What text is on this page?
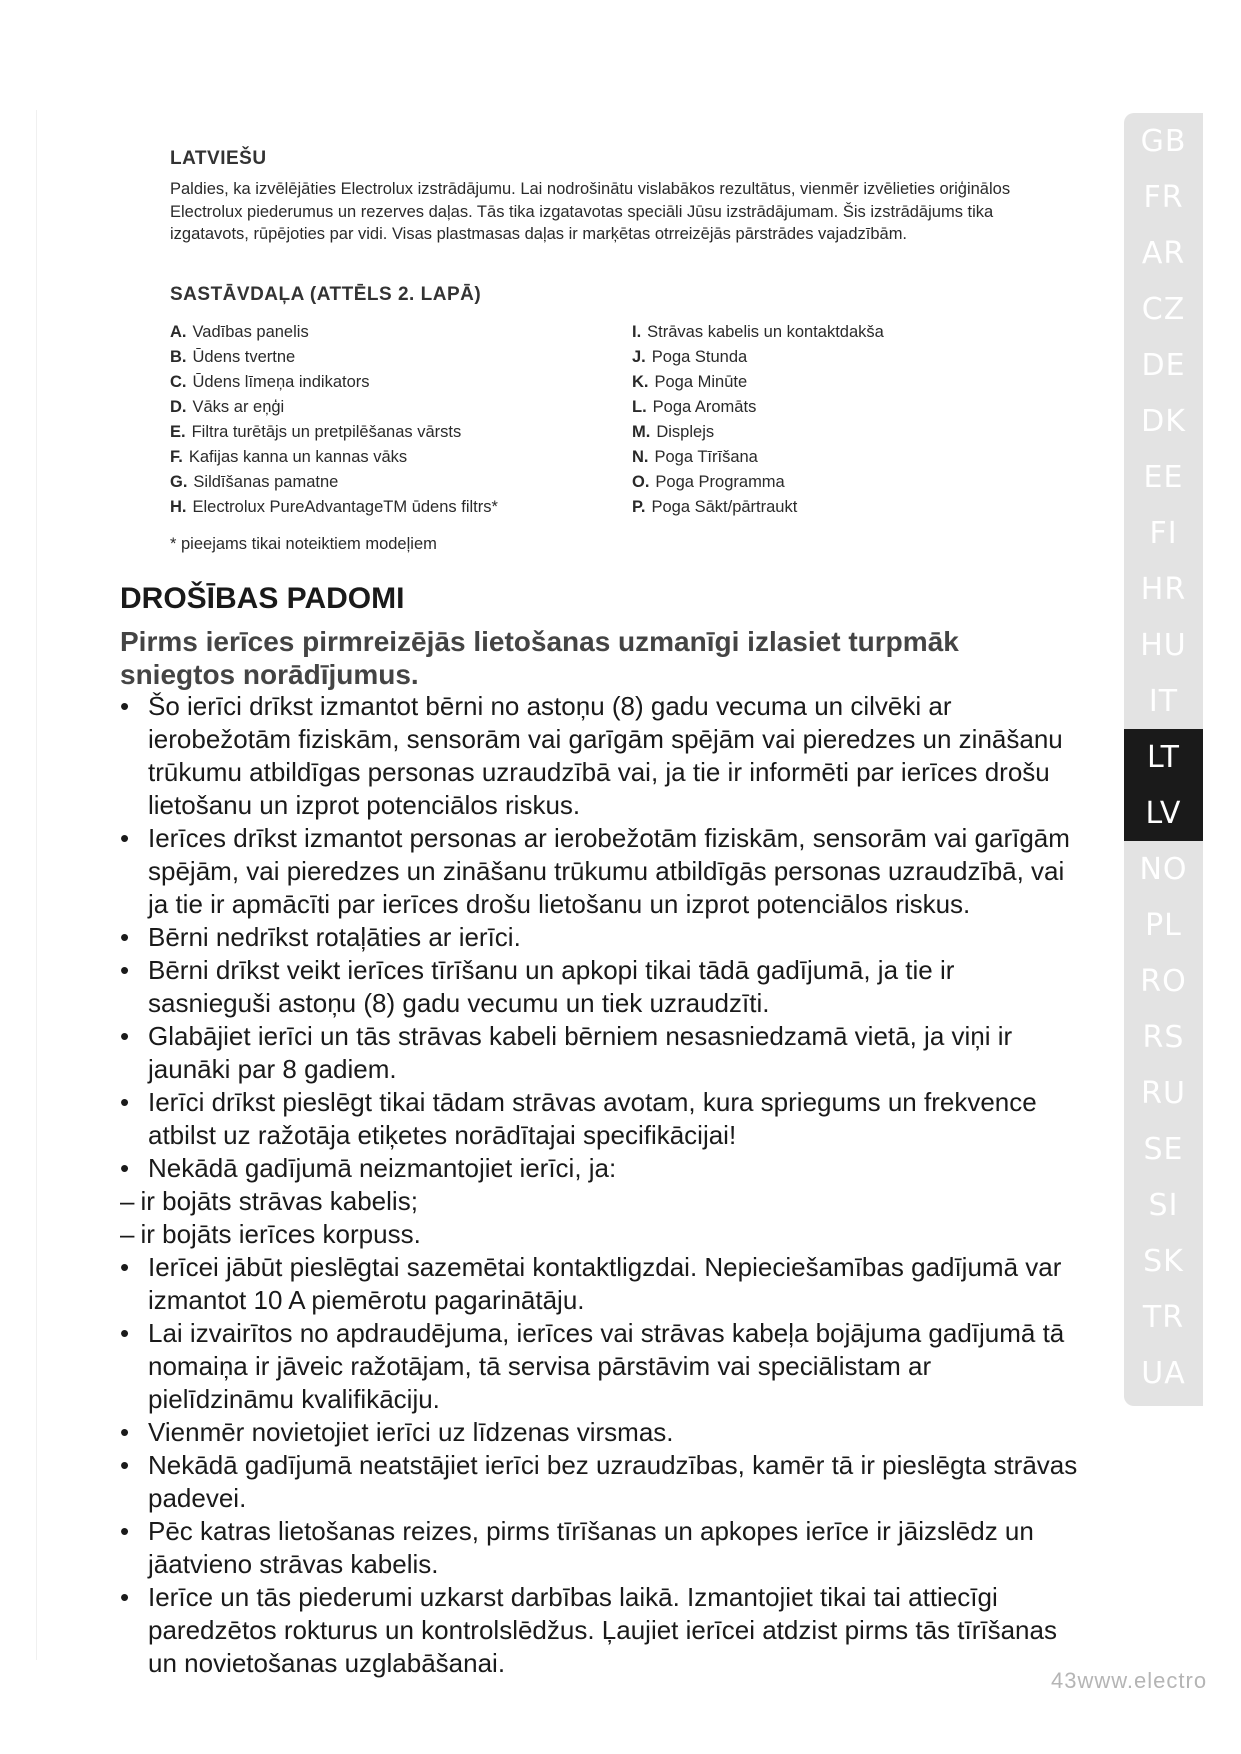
LATVIEŠU

Paldies, ka izvēlējāties Electrolux izstrādājumu. Lai nodrošinātu vislabākos rezultātus, vienmēr izvēlieties oriģinālos Electrolux piederumus un rezerves daļas. Tās tika izgatavotas speciāli Jūsu izstrādājumam. Šis izstrādājums tika izgatavots, rūpējoties par vidi. Visas plastmasas daļas ir marķētas otrreizējās pārstrādes vajadzībām.

SASTĀVDAĻA (ATTĒLS 2. LAPĀ)
A. Vadības panelis
B. Ūdens tvertne
C. Ūdens līmeņa indikators
D. Vāks ar eņģi
E. Filtra turētājs un pretpilēšanas vārsts
F. Kafijas kanna un kannas vāks
G. Sildīšanas pamatne
H. Electrolux PureAdvantageTM ūdens filtrs*
I. Strāvas kabelis un kontaktdakša
J. Poga Stunda
K. Poga Minūte
L. Poga Aromāts
M. Displejs
N. Poga Tīrīšana
O. Poga Programma
P. Poga Sākt/pārtraukt
* pieejams tikai noteiktiem modeļiem
DROŠĪBAS PADOMI

Pirms ierīces pirmreizējās lietošanas uzmanīgi izlasiet turpmāk sniegtos norādījumus.

• Šo ierīci drīkst izmantot bērni no astoņu (8) gadu vecuma un cilvēki ar ierobežotām fiziskām, sensorām vai garīgām spējām vai pieredzes un zināšanu trūkumu atbildīgas personas uzraudzībā vai, ja tie ir informēti par ierīces drošu lietošanu un izprot potenciālos riskus.
• Ierīces drīkst izmantot personas ar ierobežotām fiziskām, sensorām vai garīgām spējām, vai pieredzes un zināšanu trūkumu atbildīgās personas uzraudzībā, vai ja tie ir apmācīti par ierīces drošu lietošanu un izprot potenciālos riskus.
• Bērni nedrīkst rotaļāties ar ierīci.
• Bērni drīkst veikt ierīces tīrīšanu un apkopi tikai tādā gadījumā, ja tie ir sasnieguši astoņu (8) gadu vecumu un tiek uzraudzīti.
• Glabājiet ierīci un tās strāvas kabeli bērniem nesasniedzamā vietā, ja viņi ir jaunāki par 8 gadiem.
• Ierīci drīkst pieslēgt tikai tādam strāvas avotam, kura spriegums un frekvence atbilst uz ražotāja etiķetes norādītajai specifikācijai!
• Nekādā gadījumā neizmantojiet ierīci, ja:
– ir bojāts strāvas kabelis;
– ir bojāts ierīces korpuss.
• Ierīcei jābūt pieslēgtai sazemētai kontaktligzdai. Nepieciešamības gadījumā var izmantot 10 A piemērotu pagarinātāju.
• Lai izvairītos no apdraudējuma, ierīces vai strāvas kabeļa bojājuma gadījumā tā nomaiņa ir jāveic ražotājam, tā servisa pārstāvim vai speciālistam ar pielīdzināmu kvalifikāciju.
• Vienmēr novietojiet ierīci uz līdzenas virsmas.
• Nekādā gadījumā neatstājiet ierīci bez uzraudzības, kamēr tā ir pieslēgta strāvas padevei.
• Pēc katras lietošanas reizes, pirms tīrīšanas un apkopes ierīce ir jāizslēdz un jāatvieno strāvas kabelis.
• Ierīce un tās piederumi uzkarst darbības laikā. Izmantojiet tikai tai attiecīgi paredzētos rokturus un kontrolslēdžus. Ļaujiet ierīcei atdzist pirms tās tīrīšanas un novietošanas uzglabāšanai.
GB
FR
AR
CZ
DE
DK
EE
FI
HR
HU
IT
LT
LV
NO
PL
RO
RS
RU
SE
SI
SK
TR
UA
43www.electro
